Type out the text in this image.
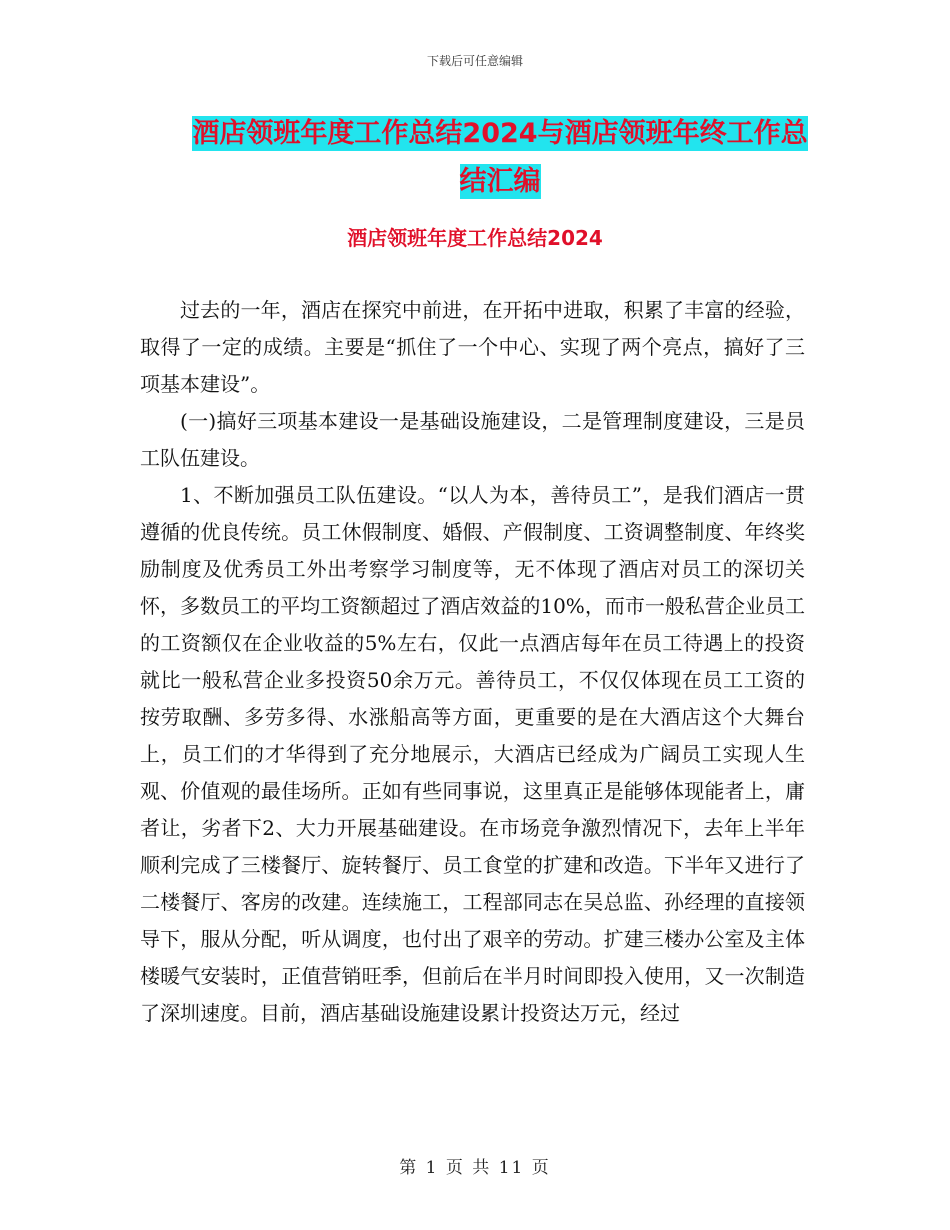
下载后可任意编辑
酒店领班年度工作总结2024与酒店领班年终工作总结汇编
酒店领班年度工作总结2024

过去的一年，酒店在探究中前进，在开拓中进取，积累了丰富的经验，取得了一定的成绩。主要是“抓住了一个中心、实现了两个亮点，搞好了三项基本建设”。

(一)搞好三项基本建设一是基础设施建设，二是管理制度建设，三是员工队伍建设。

1、不断加强员工队伍建设。“以人为本，善待员工”，是我们酒店一贯遵循的优良传统。员工休假制度、婚假、产假制度、工资调整制度、年终奖励制度及优秀员工外出考察学习制度等，无不体现了酒店对员工的深切关怀，多数员工的平均工资额超过了酒店效益的10%，而市一般私营企业员工的工资额仅在企业收益的5%左右，仅此一点酒店每年在员工待遇上的投资就比一般私营企业多投资50余万元。善待员工，不仅仅体现在员工工资的按劳取酬、多劳多得、水涨船高等方面，更重要的是在大酒店这个大舞台上，员工们的才华得到了充分地展示，大酒店已经成为广阔员工实现人生观、价值观的最佳场所。正如有些同事说，这里真正是能够体现能者上，庸者让，劣者下2、大力开展基础建设。在市场竞争激烈情况下，去年上半年顺利完成了三楼餐厅、旋转餐厅、员工食堂的扩建和改造。下半年又进行了二楼餐厅、客房的改建。连续施工，工程部同志在吴总监、孙经理的直接领导下，服从分配，听从调度，也付出了艰辛的劳动。扩建三楼办公室及主体楼暖气安装时，正值营销旺季，但前后在半月时间即投入使用，又一次制造了深圳速度。目前，酒店基础设施建设累计投资达万元，经过

第 1 页 共 11 页
